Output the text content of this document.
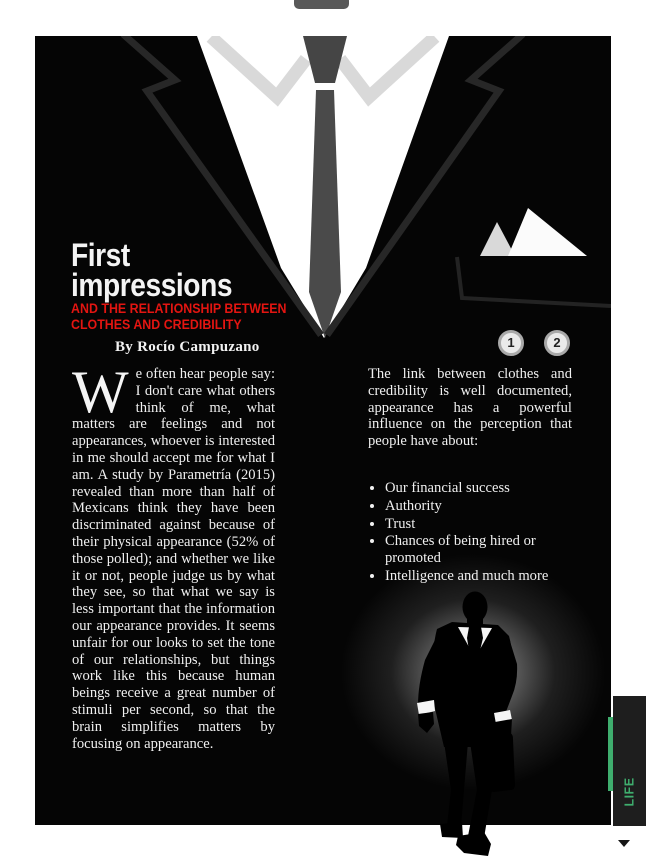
First
impressions
AND THE RELATIONSHIP BETWEEN
CLOTHES AND CREDIBILITY
By Rocío Campuzano

We often hear people say: I don't care what others think of me, what matters are feelings and not appearances, whoever is interested in me should accept me for what I am. A study by Parametría (2015) revealed than more than half of Mexicans think they have been discriminated against because of their physical appearance (52% of those polled); and whether we like it or not, people judge us by what they see, so that what we say is less important that the information our appearance provides. It seems unfair for our looks to set the tone of our relationships, but things work like this because human beings receive a great number of stimuli per second, so that the brain simplifies matters by focusing on appearance.

The link between clothes and credibility is well documented, appearance has a powerful influence on the perception that people have about:

• Our financial success
• Authority
• Trust
• Chances of being hired or promoted
• Intelligence and much more
1	2
LIFE
